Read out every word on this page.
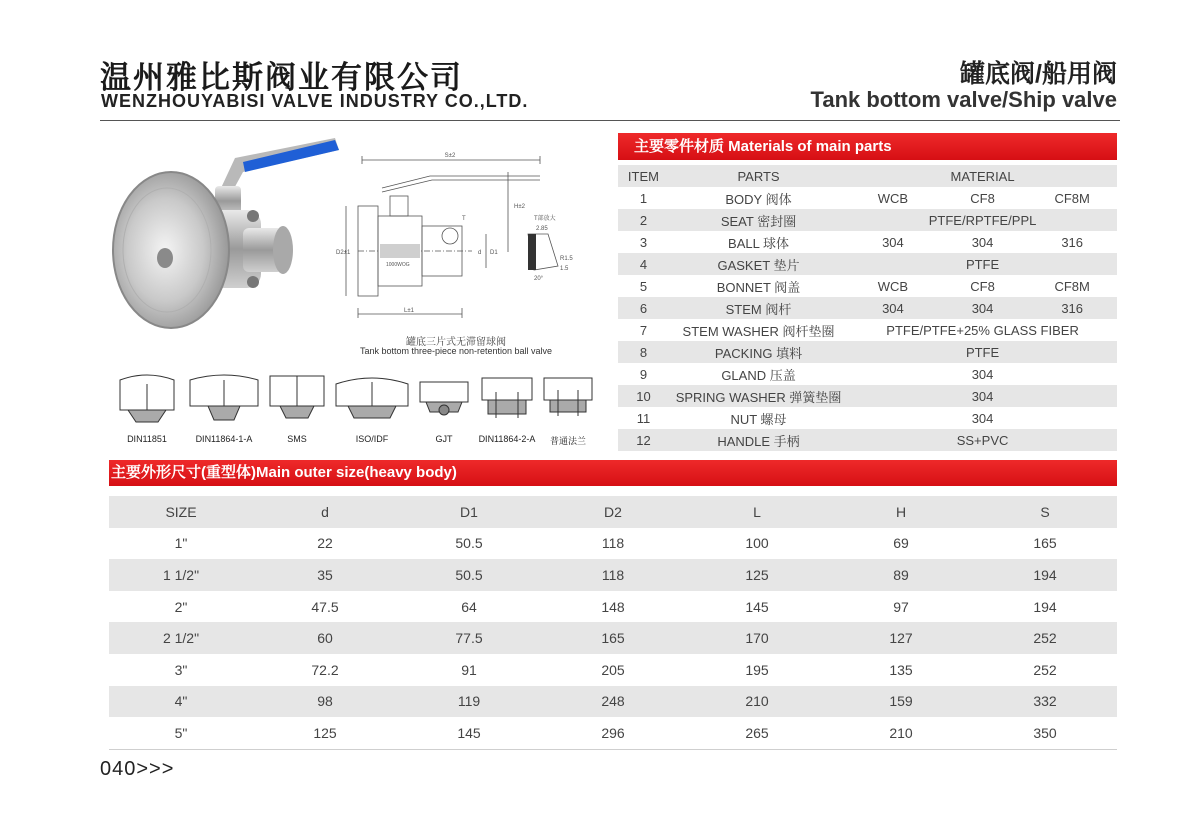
温州雅比斯阀业有限公司
WENZHOUYABISI VALVE INDUSTRY CO.,LTD.
罐底阀/船用阀
Tank bottom valve/Ship valve
S±2
H±2
D2±1	d D1
L±1
T
1000WOG
T部放大
2.85
R1.5
1.5
20°
罐底三片式无滞留球阀
Tank bottom three-piece non-retention ball valve
DIN11851	DIN11864-1-A	SMS	ISO/IDF	GJT	DIN11864-2-A	普通法兰
主要零件材质 Materials of main parts
ITEM	PARTS	MATERIAL		
1	BODY 阀体	WCB	CF8	CF8M
2	SEAT 密封圈	PTFE/RPTFE/PPL		
3	BALL 球体	304	304	316
4	GASKET 垫片	PTFE		
5	BONNET 阀盖	WCB	CF8	CF8M
6	STEM 阀杆	304	304	316
7	STEM WASHER 阀杆垫圈	PTFE/PTFE+25% GLASS FIBER		
8	PACKING 填料	PTFE		
9	GLAND 压盖	304		
10	SPRING WASHER 弹簧垫圈	304		
11	NUT 螺母	304		
12	HANDLE 手柄	SS+PVC		
主要外形尺寸(重型体)Main outer size(heavy body)
SIZE	d	D1	D2	L	H	S
1"	22	50.5	118	100	69	165
1 1/2"	35	50.5	118	125	89	194
2"	47.5	64	148	145	97	194
2 1/2"	60	77.5	165	170	127	252
3"	72.2	91	205	195	135	252
4"	98	119	248	210	159	332
5"	125	145	296	265	210	350
040>>>
